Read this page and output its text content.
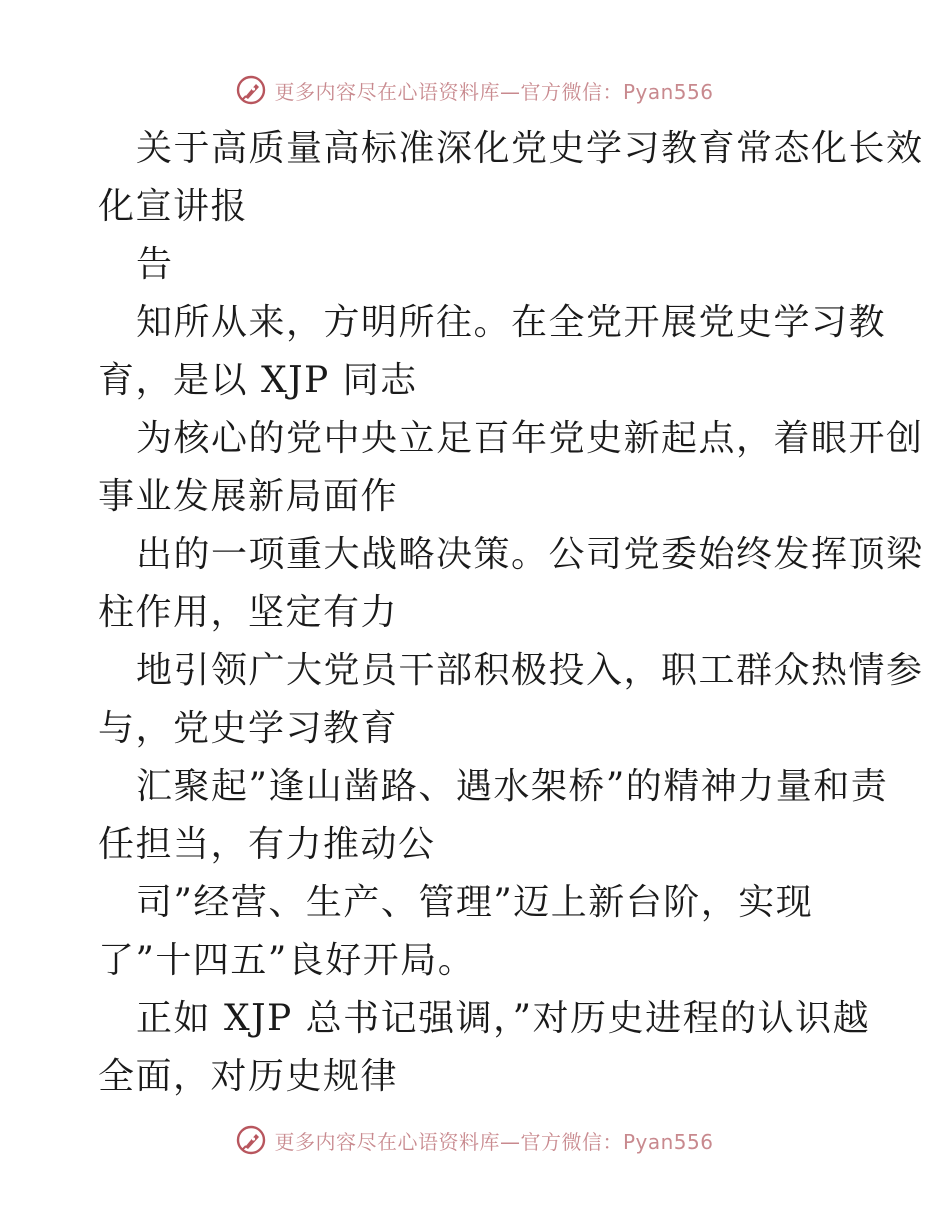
更多内容尽在心语资料库—官方微信：Pyan556
关于高质量高标准深化党史学习教育常态化长效
化宣讲报
告
知所从来，方明所往。在全党开展党史学习教
育，是以 XJP 同志
为核心的党中央立足百年党史新起点，着眼开创
事业发展新局面作
出的一项重大战略决策。公司党委始终发挥顶梁
柱作用，坚定有力
地引领广大党员干部积极投入，职工群众热情参
与，党史学习教育
汇聚起”逢山凿路、遇水架桥”的精神力量和责
任担当，有力推动公
司”经营、生产、管理”迈上新台阶，实现
了”十四五”良好开局。
正如 XJP 总书记强调，”对历史进程的认识越
全面，对历史规律
更多内容尽在心语资料库—官方微信：Pyan556
